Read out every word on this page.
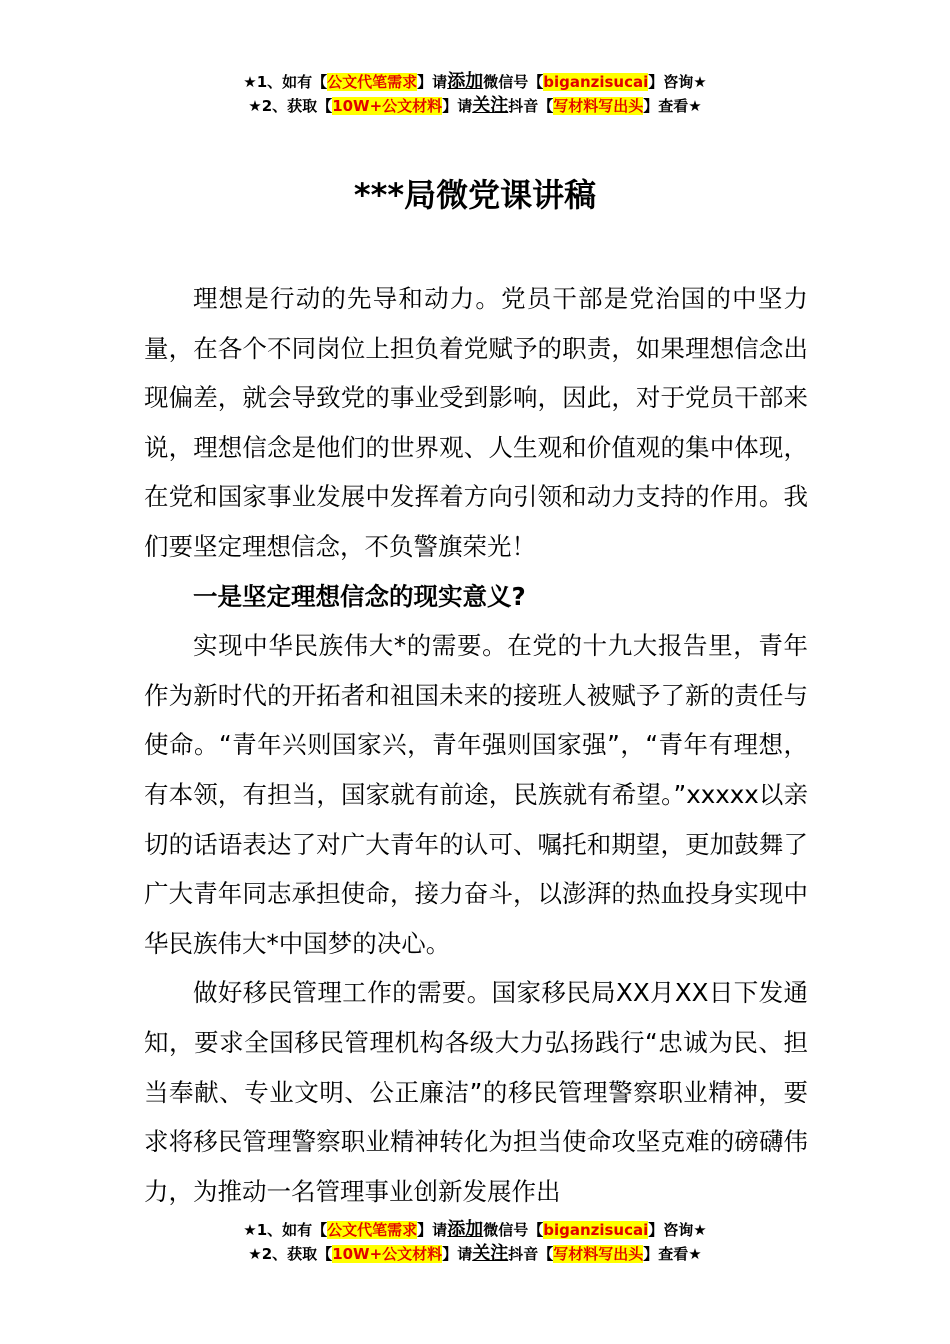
★1、如有【公文代笔需求】请添加微信号【biganzisucai】咨询★
★2、获取【10W+公文材料】请关注抖音【写材料写出头】查看★
***局微党课讲稿

理想是行动的先导和动力。党员干部是党治国的中坚力量，在各个不同岗位上担负着党赋予的职责，如果理想信念出现偏差，就会导致党的事业受到影响，因此，对于党员干部来说，理想信念是他们的世界观、人生观和价值观的集中体现，在党和国家事业发展中发挥着方向引领和动力支持的作用。我们要坚定理想信念，不负警旗荣光！

一是坚定理想信念的现实意义?

实现中华民族伟大*的需要。在党的十九大报告里，青年作为新时代的开拓者和祖国未来的接班人被赋予了新的责任与使命。“青年兴则国家兴，青年强则国家强”，“青年有理想，有本领，有担当，国家就有前途，民族就有希望。”xxxxx以亲切的话语表达了对广大青年的认可、嘱托和期望，更加鼓舞了广大青年同志承担使命，接力奋斗，以澎湃的热血投身实现中华民族伟大*中国梦的决心。

做好移民管理工作的需要。国家移民局XX月XX日下发通知，要求全国移民管理机构各级大力弘扬践行“忠诚为民、担当奉献、专业文明、公正廉洁”的移民管理警察职业精神，要求将移民管理警察职业精神转化为担当使命攻坚克难的磅礴伟力，为推动一名管理事业创新发展作出

★1、如有【公文代笔需求】请添加微信号【biganzisucai】咨询★
★2、获取【10W+公文材料】请关注抖音【写材料写出头】查看★
